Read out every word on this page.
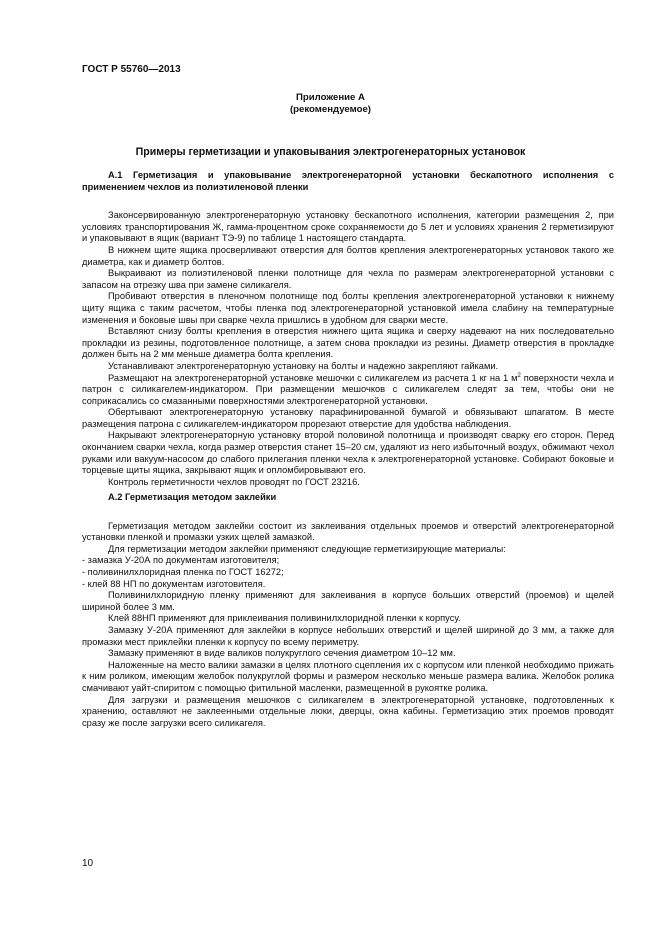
ГОСТ Р 55760—2013
Приложение А
(рекомендуемое)
Примеры герметизации и упаковывания электрогенераторных установок

А.1 Герметизация и упаковывание электрогенераторной установки бескапотного исполнения с применением чехлов из полиэтиленовой пленки

Законсервированную электрогенераторную установку бескапотного исполнения, категории размещения 2, при условиях транспортирования Ж, гамма-процентном сроке сохраняемости до 5 лет и условиях хранения 2 герметизируют и упаковывают в ящик (вариант ТЭ-9) по таблице 1 настоящего стандарта.

В нижнем щите ящика просверливают отверстия для болтов крепления электрогенераторных установок такого же диаметра, как и диаметр болтов.

Выкраивают из полиэтиленовой пленки полотнище для чехла по размерам электрогенераторной установки с запасом на отрезку шва при замене силикагеля.

Пробивают отверстия в пленочном полотнище под болты крепления электрогенераторной установки к нижнему щиту ящика с таким расчетом, чтобы пленка под электрогенераторной установкой имела слабину на температурные изменения и боковые швы при сварке чехла пришлись в удобном для сварки месте.

Вставляют снизу болты крепления в отверстия нижнего щита ящика и сверху надевают на них последовательно прокладки из резины, подготовленное полотнище, а затем снова прокладки из резины. Диаметр отверстия в прокладке должен быть на 2 мм меньше диаметра болта крепления.

Устанавливают электрогенераторную установку на болты и надежно закрепляют гайками.

Размещают на электрогенераторной установке мешочки с силикагелем из расчета 1 кг на 1 $м^2$ поверхности чехла и патрон с силикагелем-индикатором. При размещении мешочков с силикагелем следят за тем, чтобы они не соприкасались со смазанными поверхностями электрогенераторной установки.

Обертывают электрогенераторную установку парафинированной бумагой и обвязывают шпагатом. В месте размещения патрона с силикагелем-индикатором прорезают отверстие для удобства наблюдения.

Накрывают электрогенераторную установку второй половиной полотнища и производят сварку его сторон. Перед окончанием сварки чехла, когда размер отверстия станет 15–20 см, удаляют из него избыточный воздух, обжимают чехол руками или вакуум-насосом до слабого прилегания пленки чехла к электрогенераторной установке. Собирают боковые и торцевые щиты ящика, закрывают ящик и опломбировывают его.

Контроль герметичности чехлов проводят по ГОСТ 23216.

А.2 Герметизация методом заклейки

Герметизация методом заклейки состоит из заклеивания отдельных проемов и отверстий электрогенераторной установки пленкой и промазки узких щелей замазкой.

Для герметизации методом заклейки применяют следующие герметизирующие материалы:

- замазка У-20А по документам изготовителя;

- поливинилхлоридная пленка по ГОСТ 16272;

- клей 88 НП по документам изготовителя.

Поливинилхлоридную пленку применяют для заклеивания в корпусе больших отверстий (проемов) и щелей шириной более 3 мм.

Клей 88НП применяют для приклеивания поливинилхлоридной пленки к корпусу.

Замазку У-20А применяют для заклейки в корпусе небольших отверстий и щелей шириной до 3 мм, а также для промазки мест приклейки пленки к корпусу по всему периметру.

Замазку применяют в виде валиков полукруглого сечения диаметром 10–12 мм.

Наложенные на место валики замазки в целях плотного сцепления их с корпусом или пленкой необходимо прижать к ним роликом, имеющим желобок полукруглой формы и размером несколько меньше размера валика. Желобок ролика смачивают уайт-спиритом с помощью фитильной масленки, размещенной в рукоятке ролика.

Для загрузки и размещения мешочков с силикагелем в электрогенераторной установке, подготовленных к хранению, оставляют не заклеенными отдельные люки, дверцы, окна кабины. Герметизацию этих проемов проводят сразу же после загрузки всего силикагеля.

10
